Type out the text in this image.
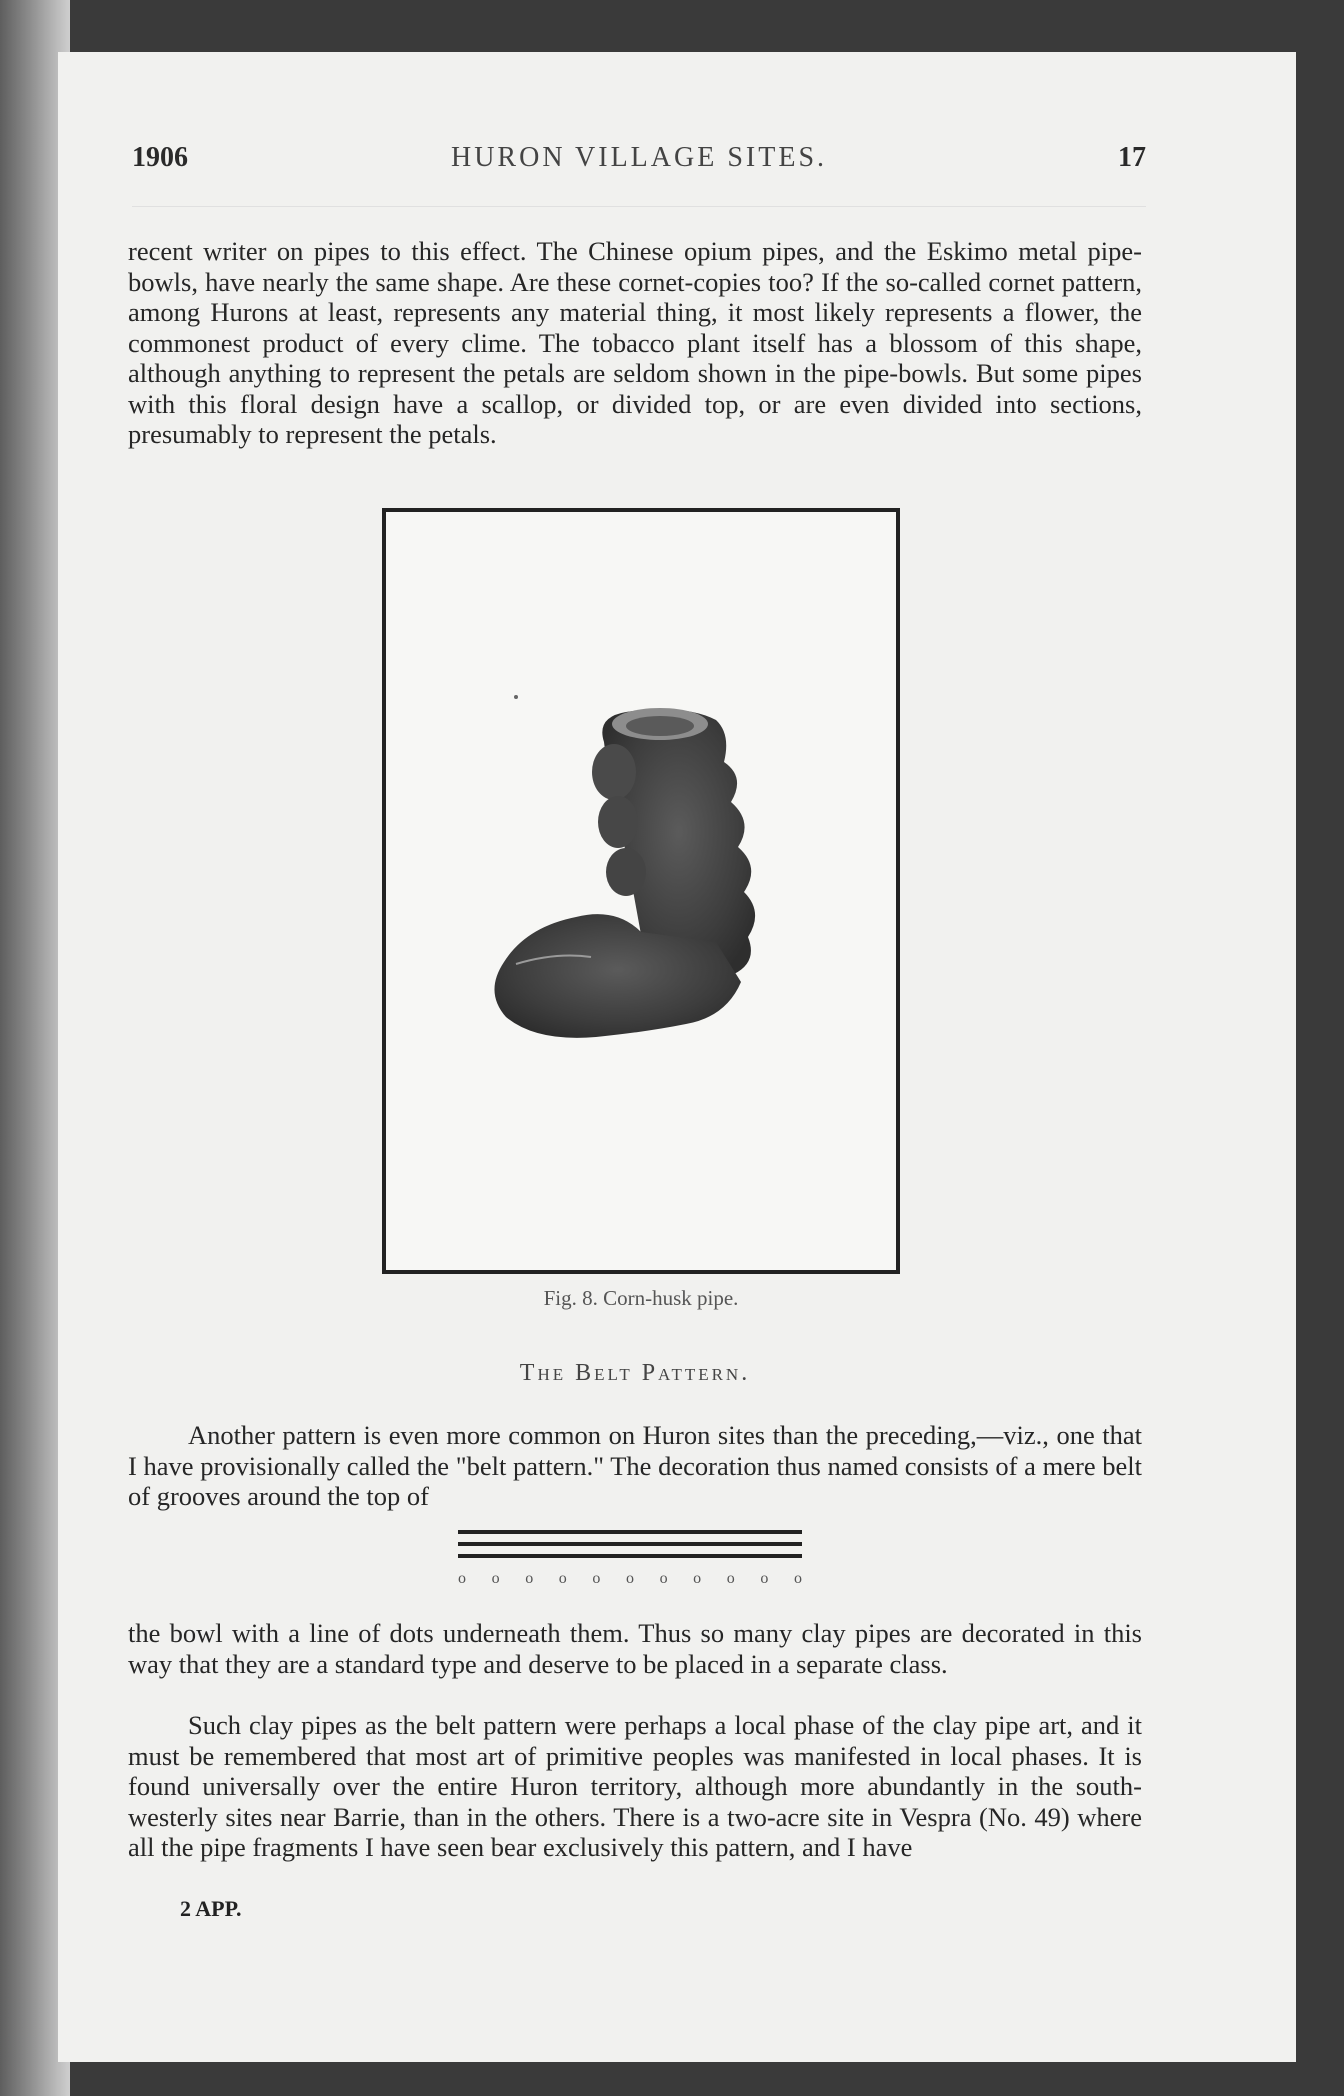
1906	HURON VILLAGE SITES.	17

recent writer on pipes to this effect. The Chinese opium pipes, and the Eskimo metal pipe-bowls, have nearly the same shape. Are these cornet-copies too? If the so-called cornet pattern, among Hurons at least, represents any material thing, it most likely represents a flower, the commonest product of every clime. The tobacco plant itself has a blossom of this shape, although anything to represent the petals are seldom shown in the pipe-bowls. But some pipes with this floral design have a scallop, or divided top, or are even divided into sections, presumably to represent the petals.

Fig. 8. Corn-husk pipe.
The Belt Pattern.

Another pattern is even more common on Huron sites than the preceding,—viz., one that I have provisionally called the "belt pattern." The decoration thus named consists of a mere belt of grooves around the top of

o o o o o o o o o o o

the bowl with a line of dots underneath them. Thus so many clay pipes are decorated in this way that they are a standard type and deserve to be placed in a separate class.

Such clay pipes as the belt pattern were perhaps a local phase of the clay pipe art, and it must be remembered that most art of primitive peoples was manifested in local phases. It is found universally over the entire Huron territory, although more abundantly in the south-westerly sites near Barrie, than in the others. There is a two-acre site in Vespra (No. 49) where all the pipe fragments I have seen bear exclusively this pattern, and I have

2 APP.
